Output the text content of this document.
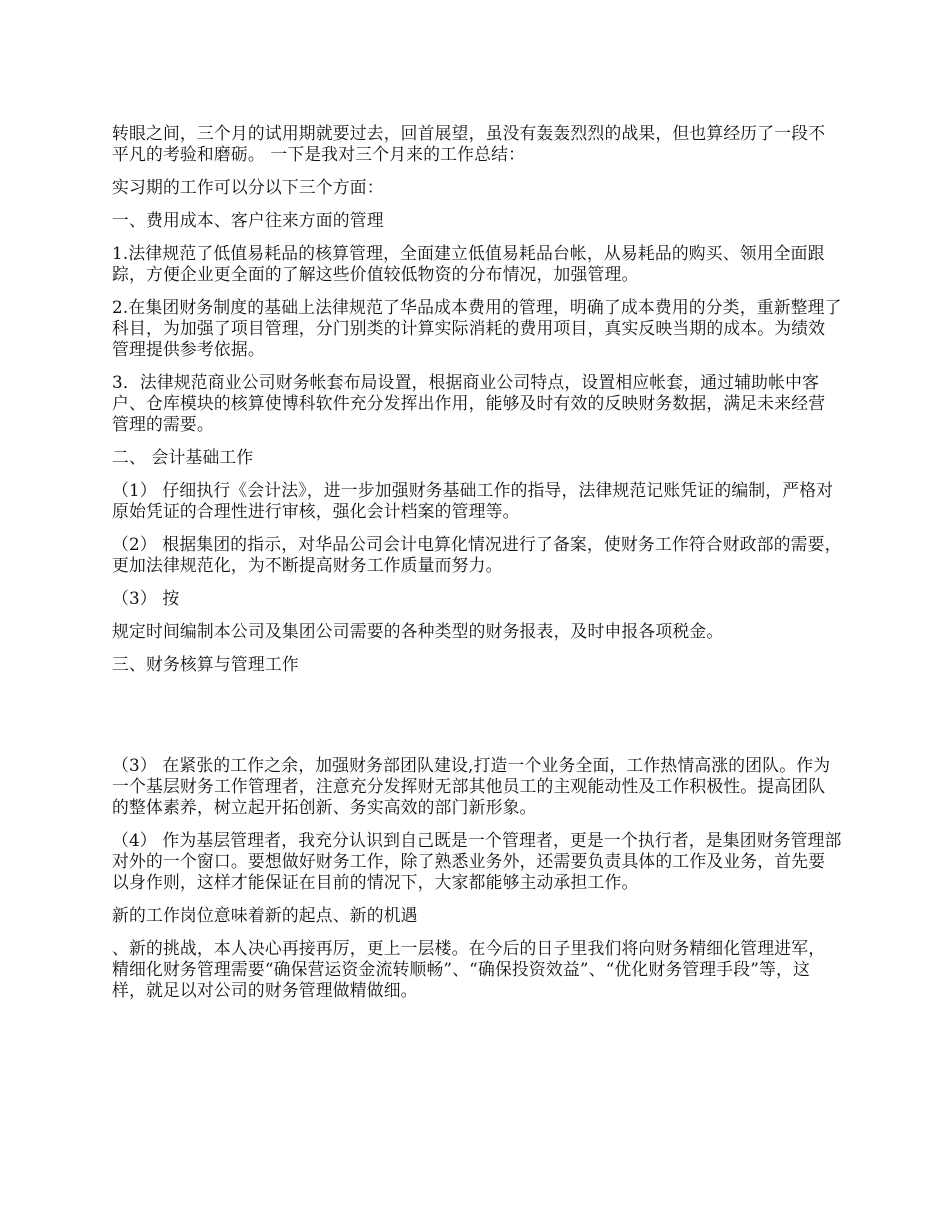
转眼之间，三个月的试用期就要过去，回首展望，虽没有轰轰烈烈的战果，但也算经历了一段不平凡的考验和磨砺。 一下是我对三个月来的工作总结：

实习期的工作可以分以下三个方面：

一、费用成本、客户往来方面的管理

1.法律规范了低值易耗品的核算管理，全面建立低值易耗品台帐，从易耗品的购买、领用全面跟踪，方便企业更全面的了解这些价值较低物资的分布情况，加强管理。

2.在集团财务制度的基础上法律规范了华品成本费用的管理，明确了成本费用的分类，重新整理了科目，为加强了项目管理，分门别类的计算实际消耗的费用项目，真实反映当期的成本。为绩效管理提供参考依据。

3．法律规范商业公司财务帐套布局设置，根据商业公司特点，设置相应帐套，通过辅助帐中客户、仓库模块的核算使博科软件充分发挥出作用，能够及时有效的反映财务数据，满足未来经营管理的需要。

二、 会计基础工作

（1） 仔细执行《会计法》，进一步加强财务基础工作的指导，法律规范记账凭证的编制，严格对原始凭证的合理性进行审核，强化会计档案的管理等。

（2） 根据集团的指示，对华品公司会计电算化情况进行了备案，使财务工作符合财政部的需要，更加法律规范化，为不断提高财务工作质量而努力。

（3） 按

规定时间编制本公司及集团公司需要的各种类型的财务报表，及时申报各项税金。

三、财务核算与管理工作

（3） 在紧张的工作之余，加强财务部团队建设,打造一个业务全面，工作热情高涨的团队。作为一个基层财务工作管理者，注意充分发挥财无部其他员工的主观能动性及工作积极性。提高团队的整体素养，树立起开拓创新、务实高效的部门新形象。

（4） 作为基层管理者，我充分认识到自己既是一个管理者，更是一个执行者，是集团财务管理部对外的一个窗口。要想做好财务工作，除了熟悉业务外，还需要负责具体的工作及业务，首先要以身作则，这样才能保证在目前的情况下，大家都能够主动承担工作。

新的工作岗位意味着新的起点、新的机遇

、新的挑战，本人决心再接再厉，更上一层楼。在今后的日子里我们将向财务精细化管理进军，精细化财务管理需要“确保营运资金流转顺畅”、“确保投资效益”、“优化财务管理手段”等，这样，就足以对公司的财务管理做精做细。
